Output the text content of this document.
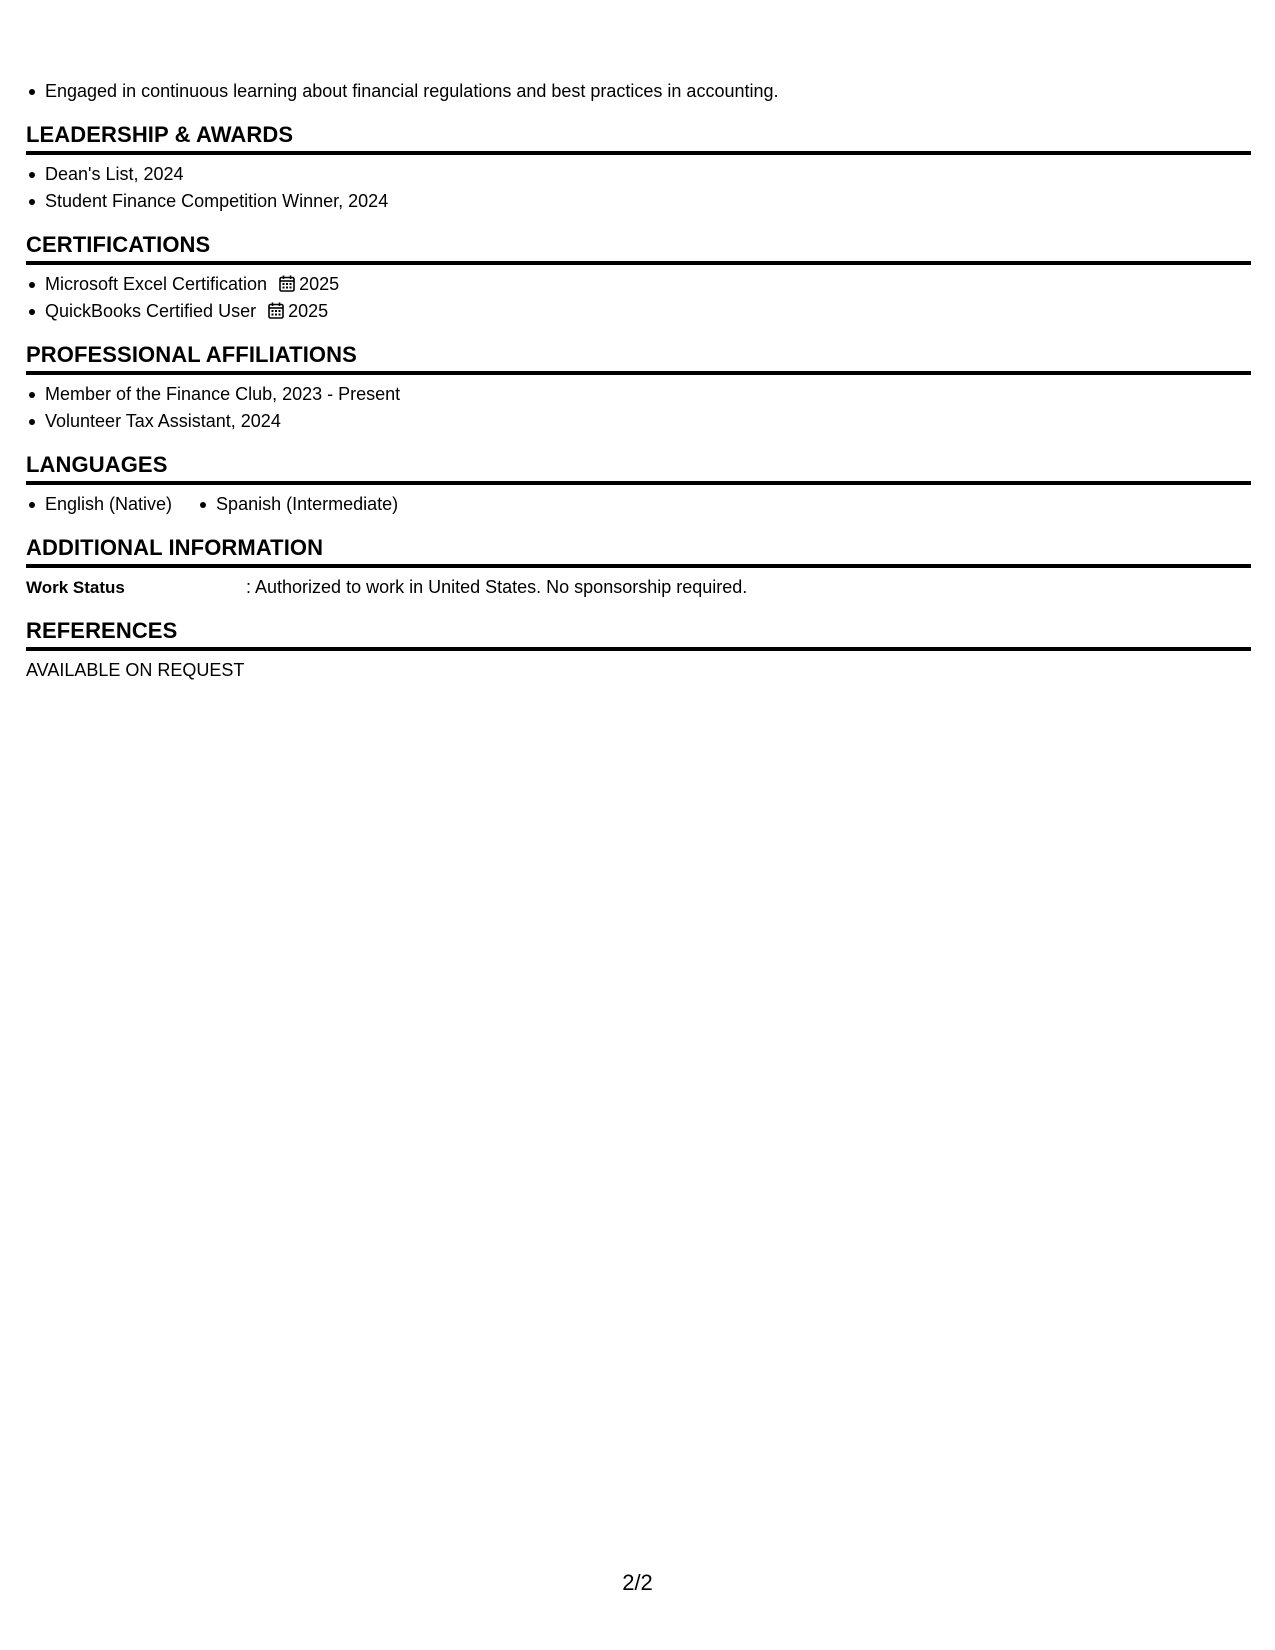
Engaged in continuous learning about financial regulations and best practices in accounting.
LEADERSHIP & AWARDS
Dean's List, 2024
Student Finance Competition Winner, 2024
CERTIFICATIONS
Microsoft Excel Certification 2025
QuickBooks Certified User 2025
PROFESSIONAL AFFILIATIONS
Member of the Finance Club, 2023 - Present
Volunteer Tax Assistant, 2024
LANGUAGES
English (Native) Spanish (Intermediate)
ADDITIONAL INFORMATION
Work Status	: Authorized to work in United States. No sponsorship required.
REFERENCES
AVAILABLE ON REQUEST
2/2
